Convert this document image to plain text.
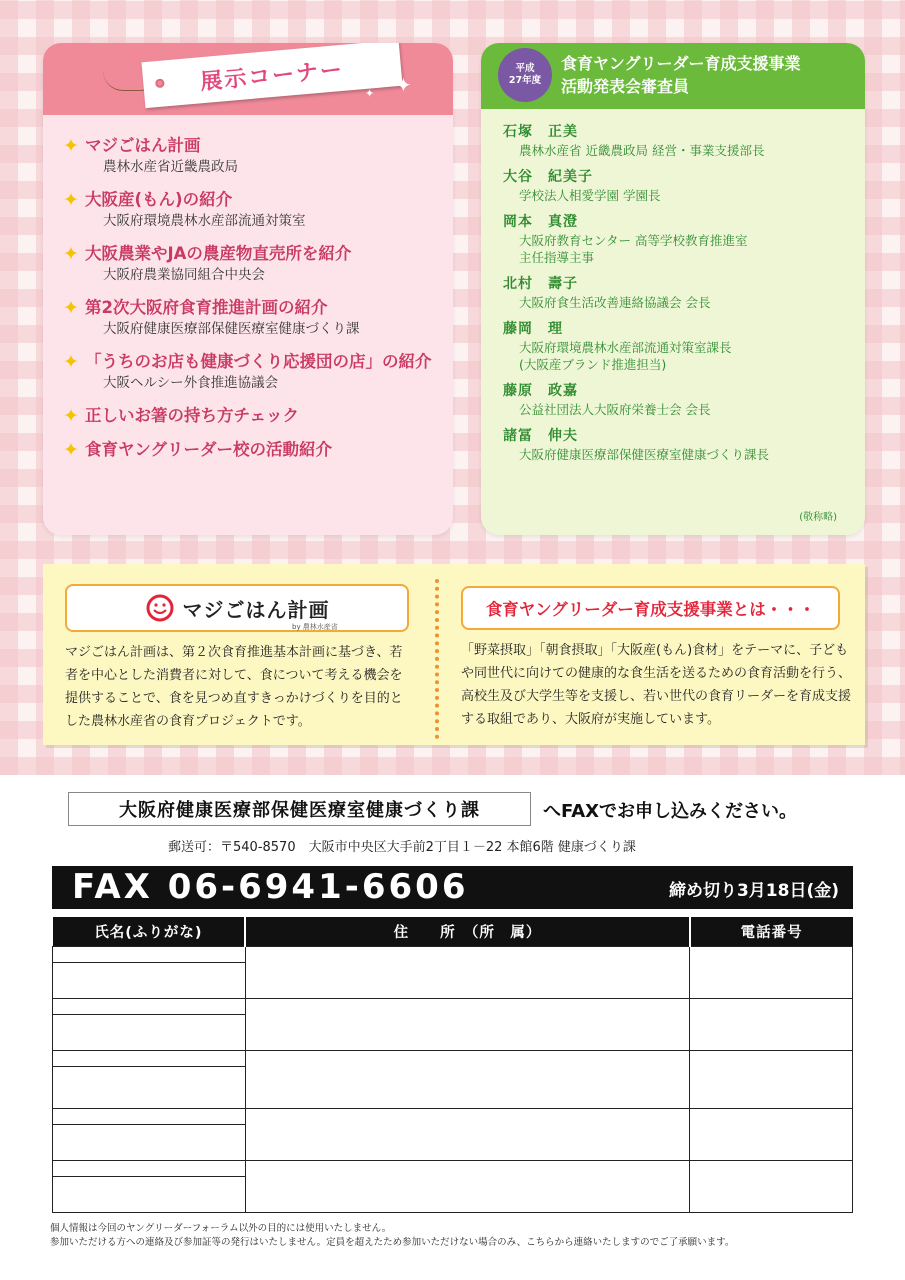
展示コーナー ✦
✦
✦
✦ マジごはん計画
農林水産省近畿農政局
✦ 大阪産(もん)の紹介
大阪府環境農林水産部流通対策室
✦ 大阪農業やJAの農産物直売所を紹介
大阪府農業協同組合中央会
✦ 第2次大阪府食育推進計画の紹介
大阪府健康医療部保健医療室健康づくり課
✦ 「うちのお店も健康づくり応援団の店」の紹介
大阪ヘルシー外食推進協議会
✦ 正しいお箸の持ち方チェック
✦ 食育ヤングリーダー校の活動紹介
平成
27年度
食育ヤングリーダー育成支援事業
活動発表会審査員
石塚　正美
農林水産省 近畿農政局 経営・事業支援部長
大谷　紀美子
学校法人相愛学園 学園長
岡本　真澄
大阪府教育センター 高等学校教育推進室
主任指導主事
北村　壽子
大阪府食生活改善連絡協議会 会長
藤岡　理
大阪府環境農林水産部流通対策室課長
(大阪産ブランド推進担当)
藤原　政嘉
公益社団法人大阪府栄養士会 会長
諸冨　伸夫
大阪府健康医療部保健医療室健康づくり課長
(敬称略)
マジごはん計画
by 農林水産省
マジごはん計画は、第２次食育推進基本計画に基づき、若者を中心とした消費者に対して、食について考える機会を提供することで、食を見つめ直すきっかけづくりを目的とした農林水産省の食育プロジェクトです。
食育ヤングリーダー育成支援事業とは・・・
「野菜摂取」「朝食摂取」「大阪産(もん)食材」をテーマに、子どもや同世代に向けての健康的な食生活を送るための食育活動を行う、高校生及び大学生等を支援し、若い世代の食育リーダーを育成支援する取組であり、大阪府が実施しています。
大阪府健康医療部保健医療室健康づくり課	へFAXでお申し込みください。
郵送可：〒540-8570　大阪市中央区大手前2丁目１－22 本館6階 健康づくり課
FAX 06-6941-6606	締め切り3月18日(金)
氏名(ふりがな)	住　　所　（所　属）	電話番号

個人情報は今回のヤングリーダーフォーラム以外の目的には使用いたしません。
参加いただける方への連絡及び参加証等の発行はいたしません。定員を超えたため参加いただけない場合のみ、こちらから連絡いたしますのでご了承願います。
